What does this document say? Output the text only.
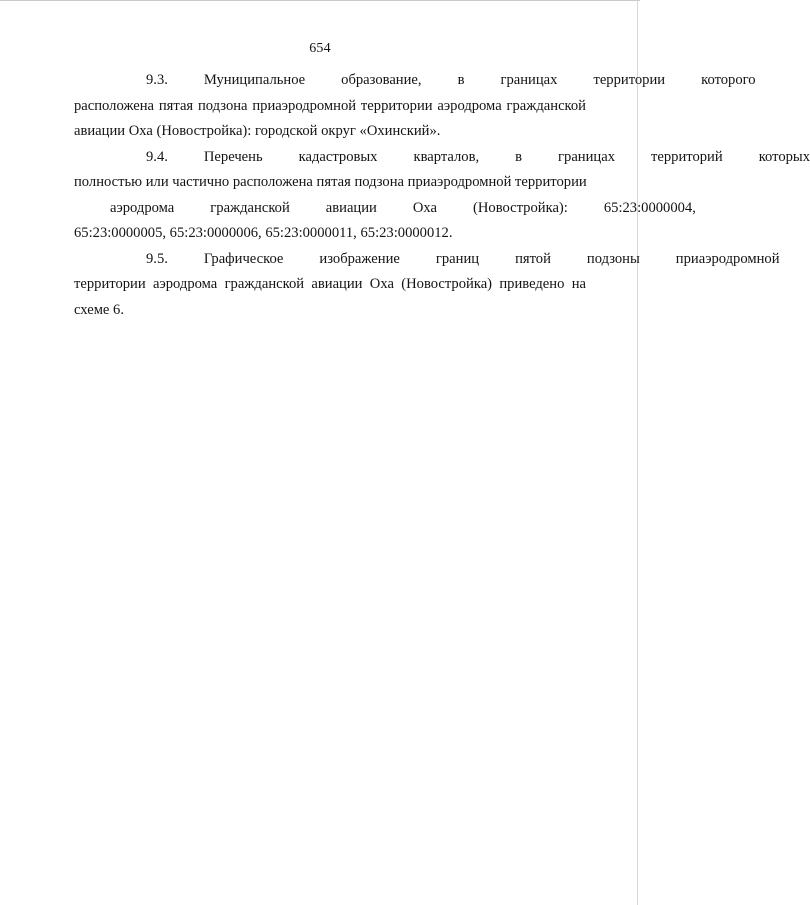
654
9.3.	Муниципальное	образование,	в	границах	территории	которого
расположена пятая подзона приаэродромной территории аэродрома гражданской
авиации Оха (Новостройка): городской округ «Охинский».
9.4.	Перечень	кадастровых	кварталов,	в	границах	территорий	которых
полностью или частично расположена пятая подзона приаэродромной территории
аэродрома	гражданской	авиации	Оха	(Новостройка):	65:23:0000004,
65:23:0000005, 65:23:0000006, 65:23:0000011, 65:23:0000012.
9.5.	Графическое	изображение	границ	пятой	подзоны	приаэродромной
территории аэродрома гражданской авиации Оха (Новостройка) приведено на
схеме 6.
